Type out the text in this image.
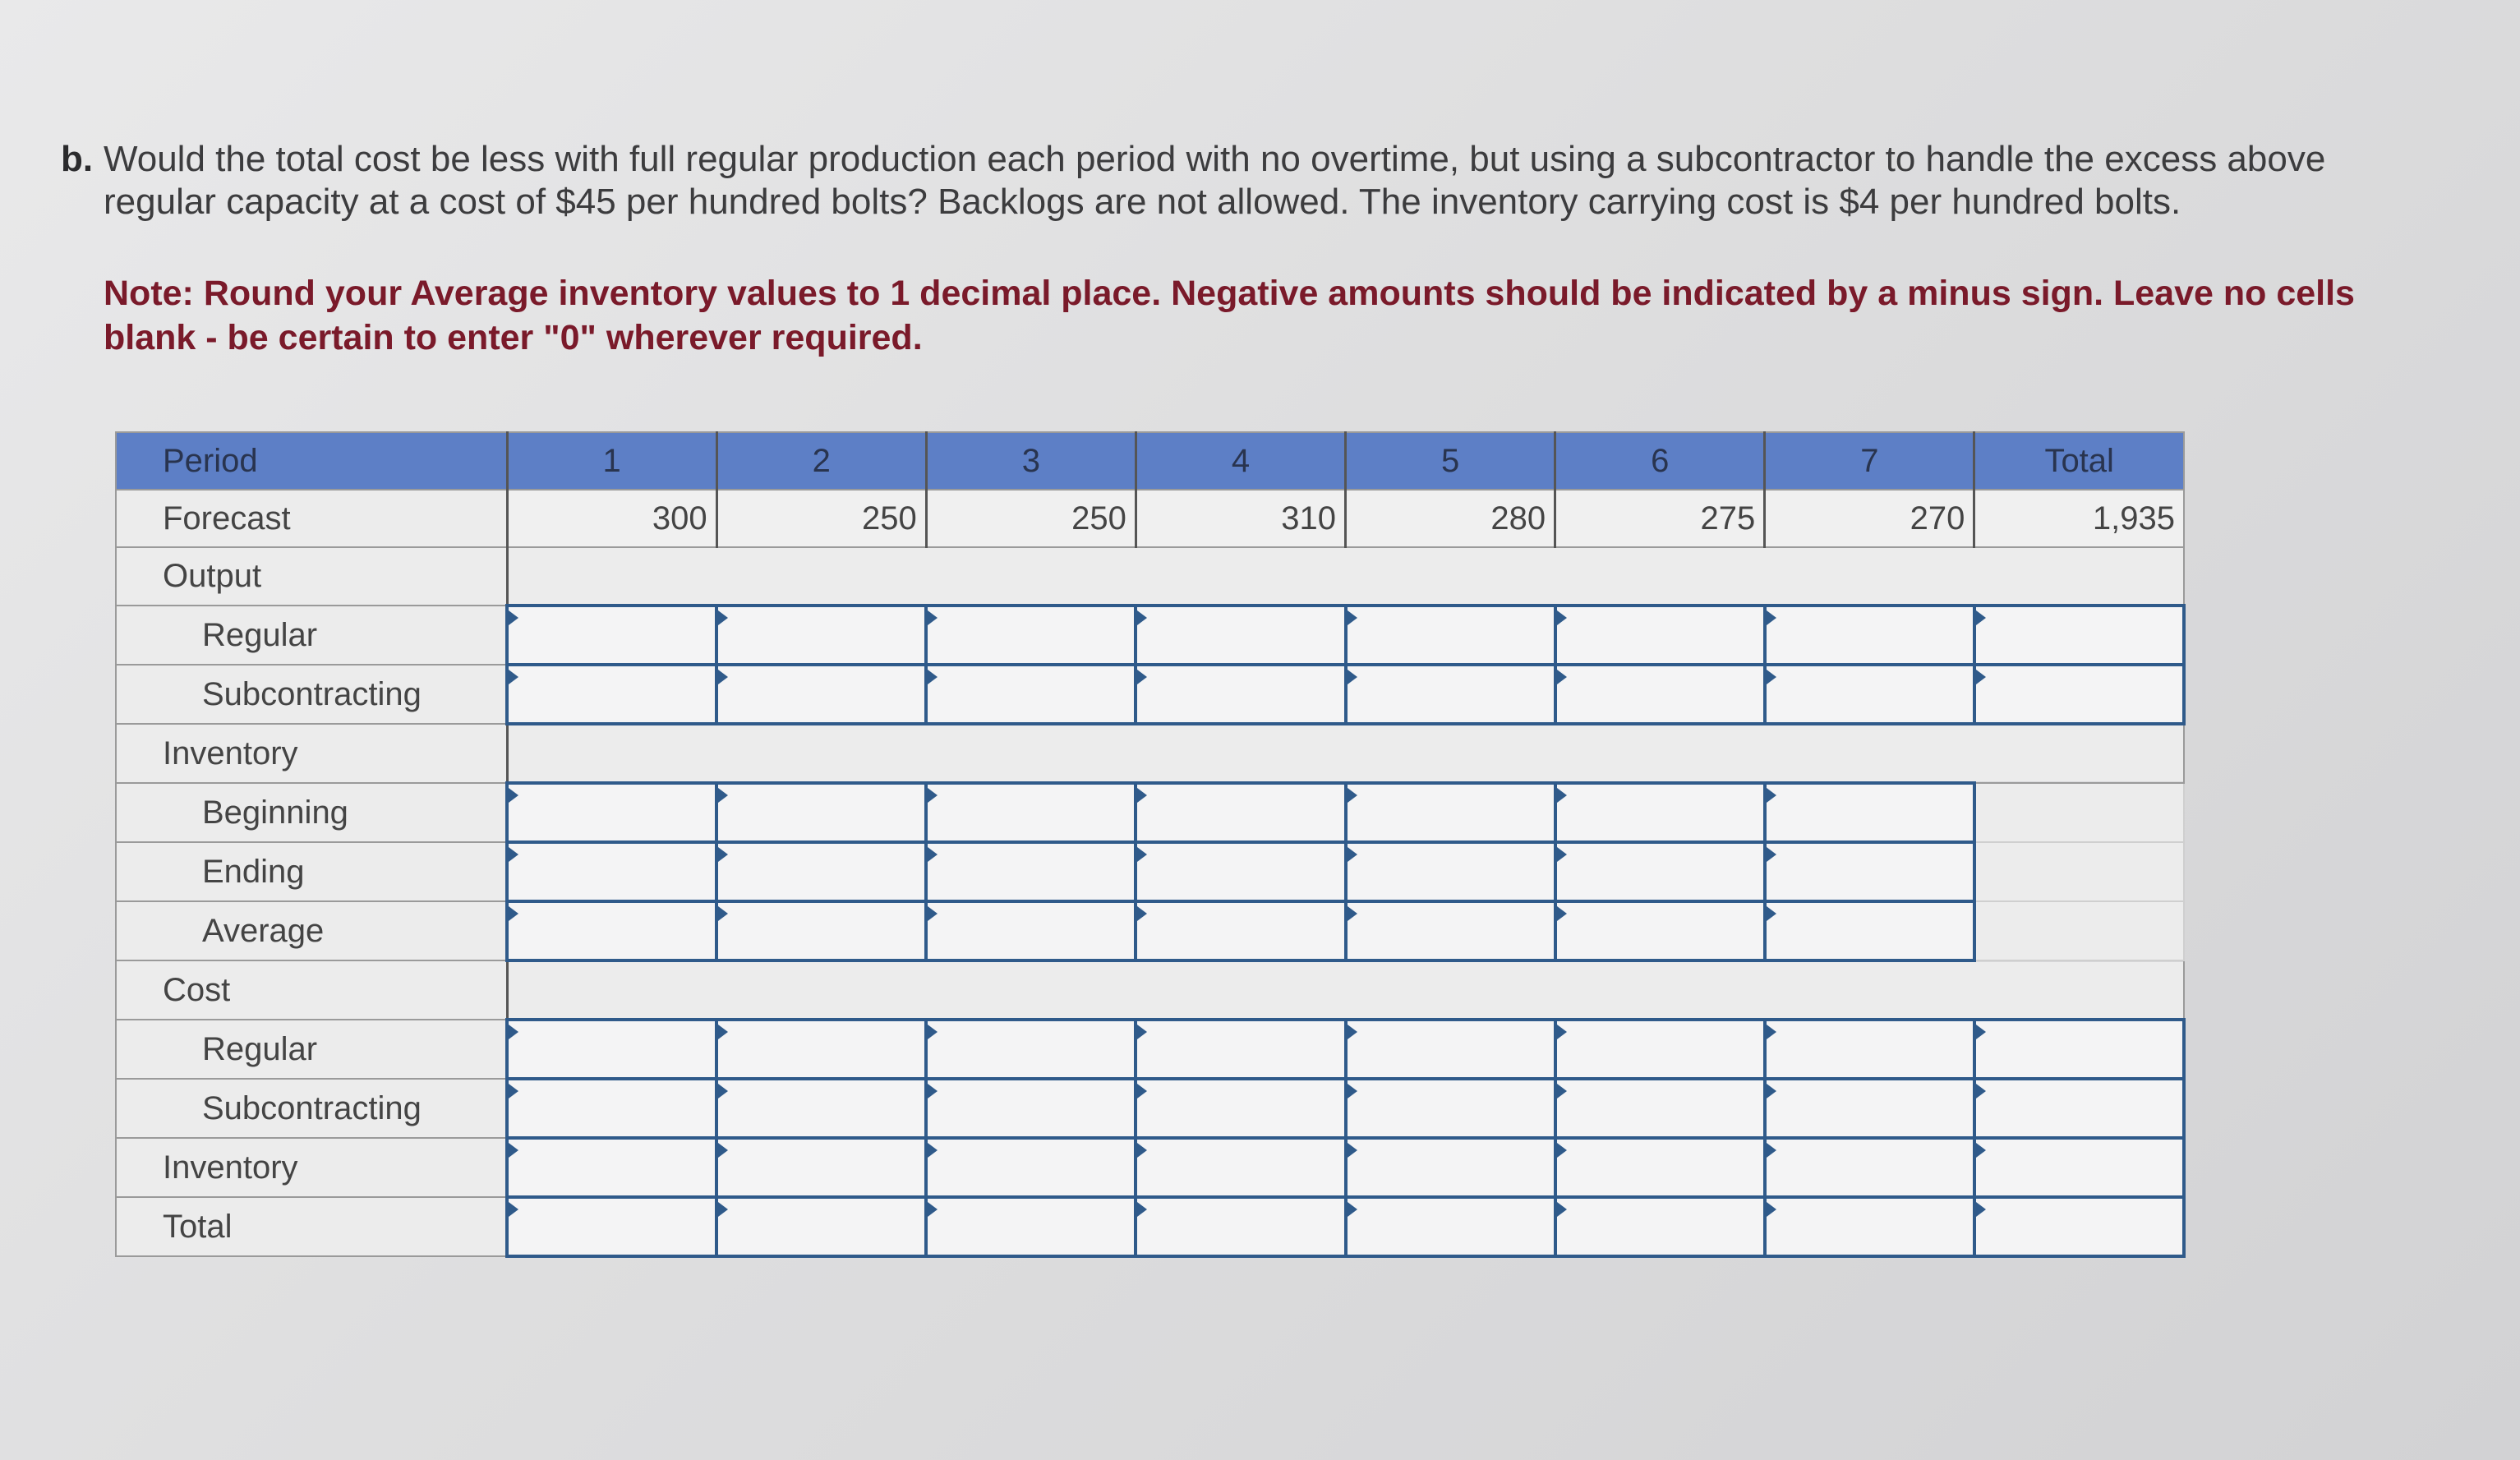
b. Would the total cost be less with full regular production each period with no overtime, but using a subcontractor to handle the excess above regular capacity at a cost of $45 per hundred bolts? Backlogs are not allowed. The inventory carrying cost is $4 per hundred bolts.
Note: Round your Average inventory values to 1 decimal place. Negative amounts should be indicated by a minus sign. Leave no cells blank - be certain to enter "0" wherever required.
Period	1	2	3	4	5	6	7	Total
Forecast	300	250	250	310	280	275	270	1,935
Output								
Regular								
Subcontracting								
Inventory								
Beginning								
Ending								
Average								
Cost								
Regular								
Subcontracting								
Inventory								
Total								
